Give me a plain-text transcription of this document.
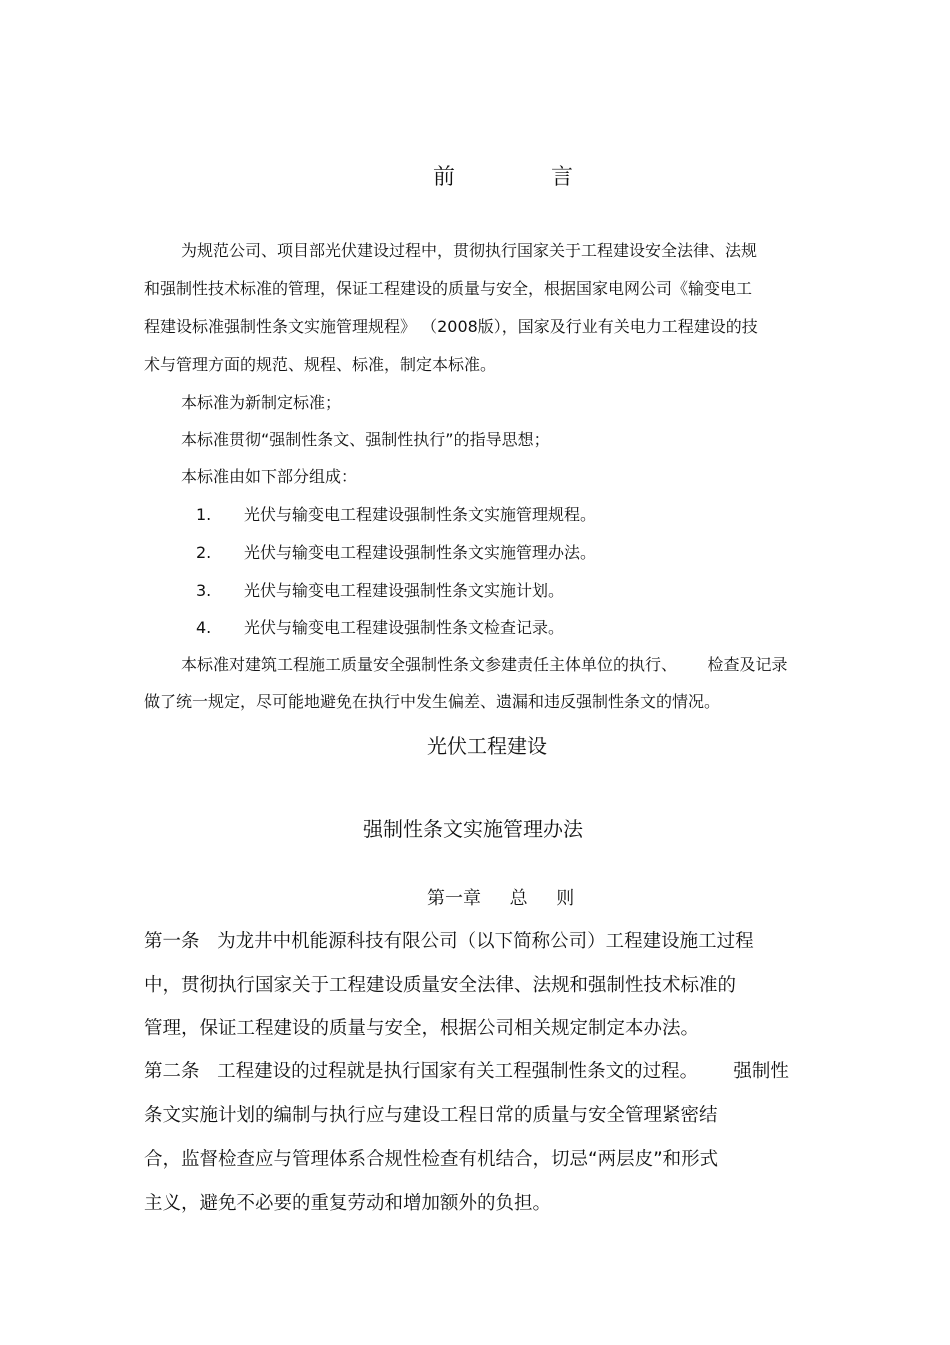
前	言
为规范公司、项目部光伏建设过程中，贯彻执行国家关于工程建设安全法律、法规
和强制性技术标准的管理，保证工程建设的质量与安全，根据国家电网公司《输变电工
程建设标准强制性条文实施管理规程》 （2008版），国家及行业有关电力工程建设的技
术与管理方面的规范、规程、标准，制定本标准。
本标准为新制定标准；
本标准贯彻“强制性条文、强制性执行”的指导思想；
本标准由如下部分组成：
1. 光伏与输变电工程建设强制性条文实施管理规程。
2. 光伏与输变电工程建设强制性条文实施管理办法。
3. 光伏与输变电工程建设强制性条文实施计划。
4. 光伏与输变电工程建设强制性条文检查记录。
本标准对建筑工程施工质量安全强制性条文参建责任主体单位的执行、      检查及记录
做了统一规定，尽可能地避免在执行中发生偏差、遗漏和违反强制性条文的情况。
光伏工程建设
强制性条文实施管理办法
第一章     总     则
第一条   为龙井中机能源科技有限公司（以下简称公司）工程建设施工过程
中，贯彻执行国家关于工程建设质量安全法律、法规和强制性技术标准的
管理，保证工程建设的质量与安全，根据公司相关规定制定本办法。
第二条   工程建设的过程就是执行国家有关工程强制性条文的过程。      强制性
条文实施计划的编制与执行应与建设工程日常的质量与安全管理紧密结
合，监督检查应与管理体系合规性检查有机结合，切忌“两层皮”和形式
主义，避免不必要的重复劳动和增加额外的负担。
